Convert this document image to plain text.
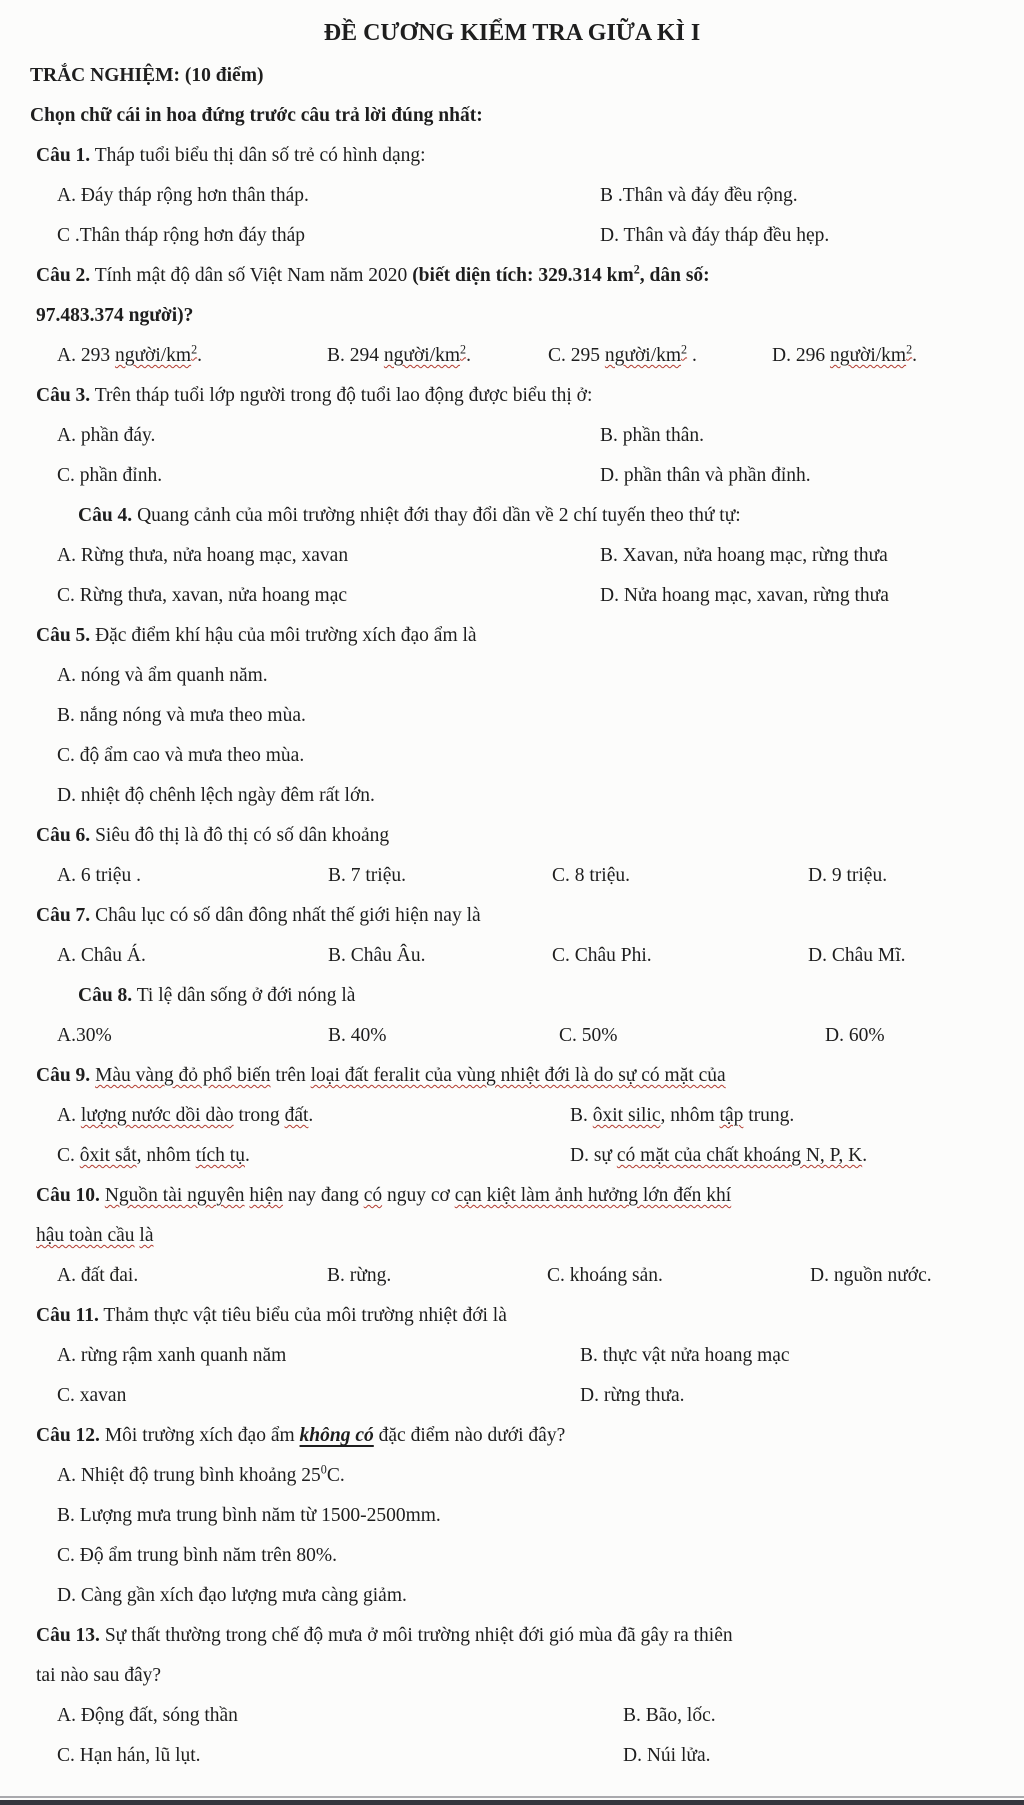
ĐỀ CƯƠNG KIỂM TRA GIỮA KÌ I
TRẮC NGHIỆM: (10 điểm)
Chọn chữ cái in hoa đứng trước câu trả lời đúng nhất:
Câu 1. Tháp tuổi biểu thị dân số trẻ có hình dạng:
A. Đáy tháp rộng hơn thân tháp.	B .Thân và đáy đều rộng.
C .Thân tháp rộng hơn đáy tháp	D. Thân và đáy tháp đều hẹp.
Câu 2. Tính mật độ dân số Việt Nam năm 2020 (biết diện tích: 329.314 $km^2$, dân số:
97.483.374 người)?
A. 293 người/$km^2$.	B. 294 người/$km^2$.	C. 295 người/$km^2$ .	D. 296 người/$km^2$.
Câu 3. Trên tháp tuổi lớp người trong độ tuổi lao động được biểu thị ở:
A. phần đáy.	B. phần thân.
C. phần đỉnh.	D. phần thân và phần đỉnh.
Câu 4. Quang cảnh của môi trường nhiệt đới thay đổi dần về 2 chí tuyến theo thứ tự:
A. Rừng thưa, nửa hoang mạc, xavan	B. Xavan, nửa hoang mạc, rừng thưa
C. Rừng thưa, xavan, nửa hoang mạc	D. Nửa hoang mạc, xavan, rừng thưa
Câu 5. Đặc điểm khí hậu của môi trường xích đạo ẩm là
A. nóng và ẩm quanh năm.
B. nắng nóng và mưa theo mùa.
C. độ ẩm cao và mưa theo mùa.
D. nhiệt độ chênh lệch ngày đêm rất lớn.
Câu 6. Siêu đô thị là đô thị có số dân khoảng
A. 6 triệu .	B. 7 triệu.	C. 8 triệu.	D. 9 triệu.
Câu 7. Châu lục có số dân đông nhất thế giới hiện nay là
A. Châu Á.	B. Châu Âu.	C. Châu Phi.	D. Châu Mĩ.
Câu 8. Ti lệ dân sống ở đới nóng là
A.30%	B. 40%	C. 50%	D. 60%
Câu 9. Màu vàng đỏ phổ biến trên loại đất feralit của vùng nhiệt đới là do sự có mặt của
A. lượng nước dồi dào trong đất.	B. ôxit silic, nhôm tập trung.
C. ôxit sắt, nhôm tích tụ.	D. sự có mặt của chất khoáng N, P, K.
Câu 10. Nguồn tài nguyên hiện nay đang có nguy cơ cạn kiệt làm ảnh hưởng lớn đến khí
hậu toàn cầu là
A. đất đai.	B. rừng.	C. khoáng sản.	D. nguồn nước.
Câu 11. Thảm thực vật tiêu biểu của môi trường nhiệt đới là
A. rừng rậm xanh quanh năm	B. thực vật nửa hoang mạc
C. xavan	D. rừng thưa.
Câu 12. Môi trường xích đạo ẩm không có đặc điểm nào dưới đây?
A. Nhiệt độ trung bình khoảng $25^0C$.
B. Lượng mưa trung bình năm từ 1500-2500mm.
C. Độ ẩm trung bình năm trên 80%.
D. Càng gần xích đạo lượng mưa càng giảm.
Câu 13. Sự thất thường trong chế độ mưa ở môi trường nhiệt đới gió mùa đã gây ra thiên
tai nào sau đây?
A. Động đất, sóng thần	B. Bão, lốc.
C. Hạn hán, lũ lụt.	D. Núi lửa.
